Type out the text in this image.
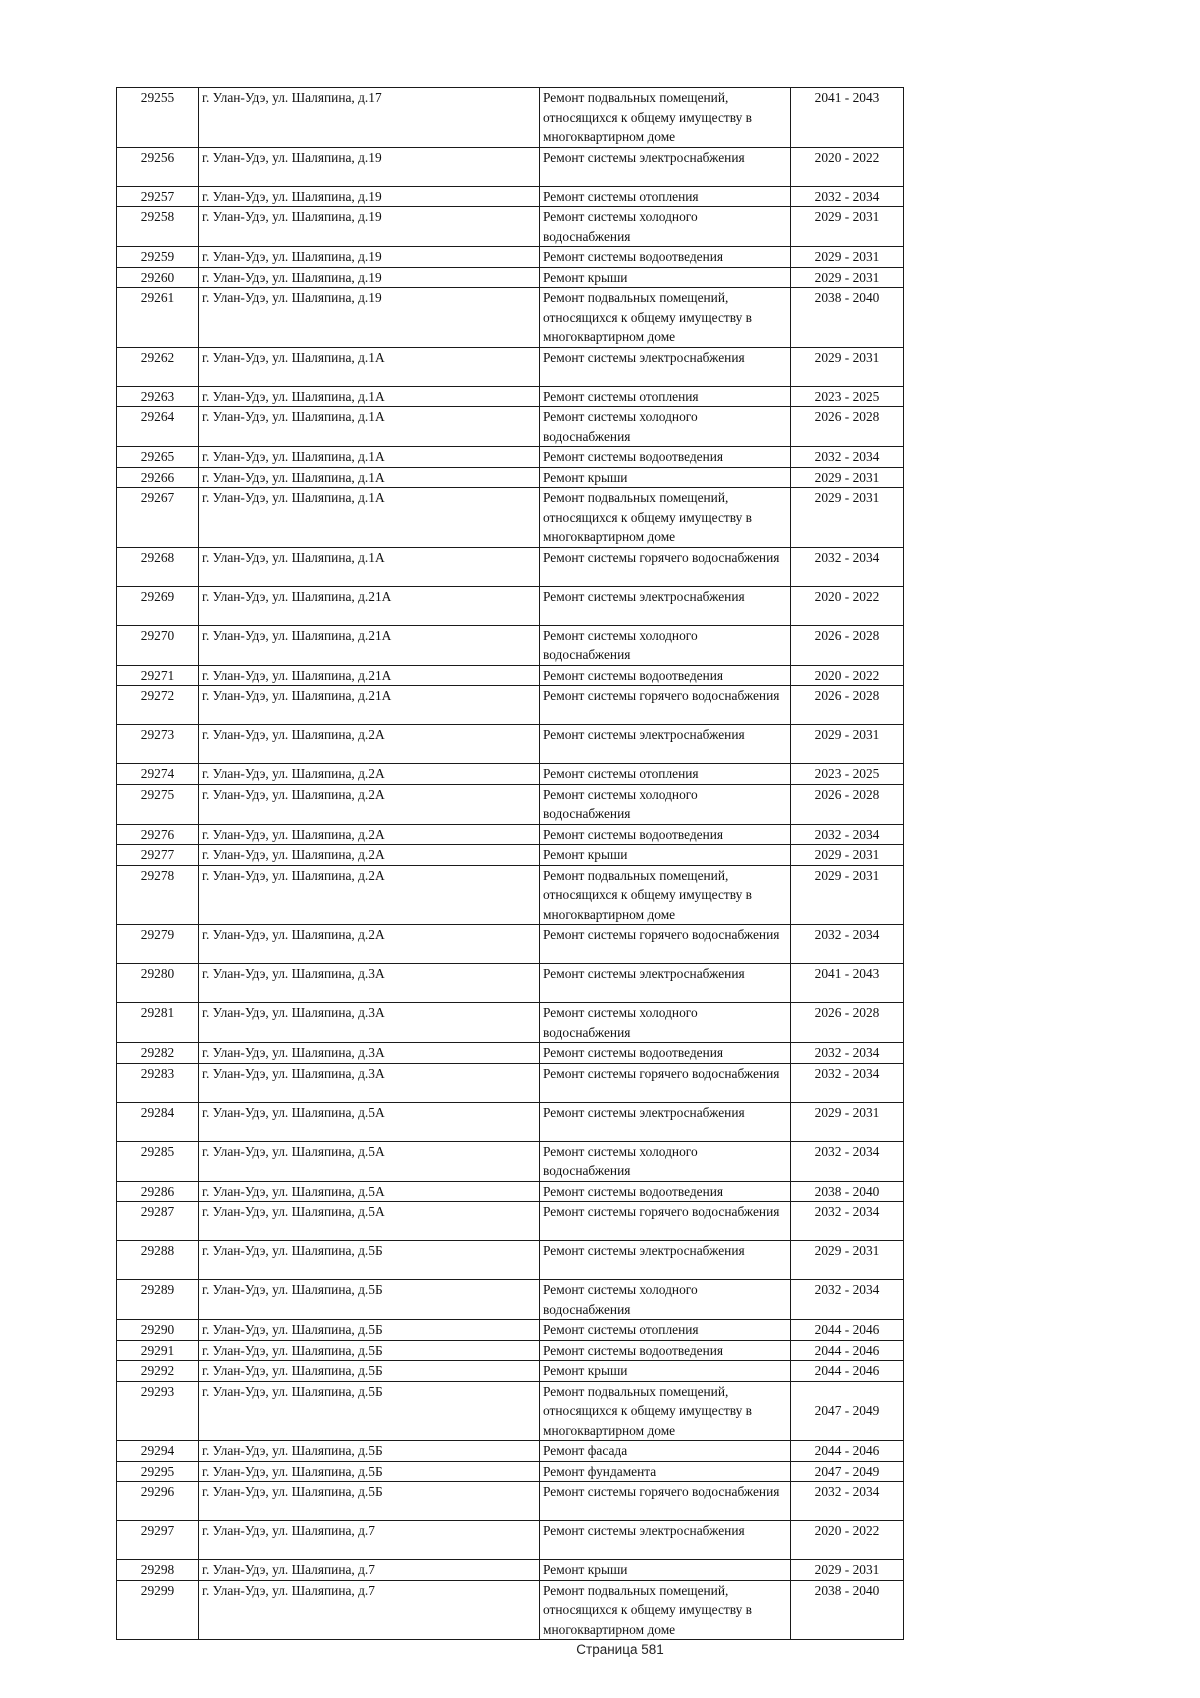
29255	г. Улан-Удэ, ул. Шаляпина, д.17	Ремонт подвальных помещений, относящихся к общему имуществу в многоквартирном доме	2041 - 2043
29256	г. Улан-Удэ, ул. Шаляпина, д.19	Ремонт системы электроснабжения	2020 - 2022
29257	г. Улан-Удэ, ул. Шаляпина, д.19	Ремонт системы отопления	2032 - 2034
29258	г. Улан-Удэ, ул. Шаляпина, д.19	Ремонт системы холодного водоснабжения	2029 - 2031
29259	г. Улан-Удэ, ул. Шаляпина, д.19	Ремонт системы водоотведения	2029 - 2031
29260	г. Улан-Удэ, ул. Шаляпина, д.19	Ремонт крыши	2029 - 2031
29261	г. Улан-Удэ, ул. Шаляпина, д.19	Ремонт подвальных помещений, относящихся к общему имуществу в многоквартирном доме	2038 - 2040
29262	г. Улан-Удэ, ул. Шаляпина, д.1А	Ремонт системы электроснабжения	2029 - 2031
29263	г. Улан-Удэ, ул. Шаляпина, д.1А	Ремонт системы отопления	2023 - 2025
29264	г. Улан-Удэ, ул. Шаляпина, д.1А	Ремонт системы холодного водоснабжения	2026 - 2028
29265	г. Улан-Удэ, ул. Шаляпина, д.1А	Ремонт системы водоотведения	2032 - 2034
29266	г. Улан-Удэ, ул. Шаляпина, д.1А	Ремонт крыши	2029 - 2031
29267	г. Улан-Удэ, ул. Шаляпина, д.1А	Ремонт подвальных помещений, относящихся к общему имуществу в многоквартирном доме	2029 - 2031
29268	г. Улан-Удэ, ул. Шаляпина, д.1А	Ремонт системы горячего водоснабжения	2032 - 2034
29269	г. Улан-Удэ, ул. Шаляпина, д.21А	Ремонт системы электроснабжения	2020 - 2022
29270	г. Улан-Удэ, ул. Шаляпина, д.21А	Ремонт системы холодного водоснабжения	2026 - 2028
29271	г. Улан-Удэ, ул. Шаляпина, д.21А	Ремонт системы водоотведения	2020 - 2022
29272	г. Улан-Удэ, ул. Шаляпина, д.21А	Ремонт системы горячего водоснабжения	2026 - 2028
29273	г. Улан-Удэ, ул. Шаляпина, д.2А	Ремонт системы электроснабжения	2029 - 2031
29274	г. Улан-Удэ, ул. Шаляпина, д.2А	Ремонт системы отопления	2023 - 2025
29275	г. Улан-Удэ, ул. Шаляпина, д.2А	Ремонт системы холодного водоснабжения	2026 - 2028
29276	г. Улан-Удэ, ул. Шаляпина, д.2А	Ремонт системы водоотведения	2032 - 2034
29277	г. Улан-Удэ, ул. Шаляпина, д.2А	Ремонт крыши	2029 - 2031
29278	г. Улан-Удэ, ул. Шаляпина, д.2А	Ремонт подвальных помещений, относящихся к общему имуществу в многоквартирном доме	2029 - 2031
29279	г. Улан-Удэ, ул. Шаляпина, д.2А	Ремонт системы горячего водоснабжения	2032 - 2034
29280	г. Улан-Удэ, ул. Шаляпина, д.3А	Ремонт системы электроснабжения	2041 - 2043
29281	г. Улан-Удэ, ул. Шаляпина, д.3А	Ремонт системы холодного водоснабжения	2026 - 2028
29282	г. Улан-Удэ, ул. Шаляпина, д.3А	Ремонт системы водоотведения	2032 - 2034
29283	г. Улан-Удэ, ул. Шаляпина, д.3А	Ремонт системы горячего водоснабжения	2032 - 2034
29284	г. Улан-Удэ, ул. Шаляпина, д.5А	Ремонт системы электроснабжения	2029 - 2031
29285	г. Улан-Удэ, ул. Шаляпина, д.5А	Ремонт системы холодного водоснабжения	2032 - 2034
29286	г. Улан-Удэ, ул. Шаляпина, д.5А	Ремонт системы водоотведения	2038 - 2040
29287	г. Улан-Удэ, ул. Шаляпина, д.5А	Ремонт системы горячего водоснабжения	2032 - 2034
29288	г. Улан-Удэ, ул. Шаляпина, д.5Б	Ремонт системы электроснабжения	2029 - 2031
29289	г. Улан-Удэ, ул. Шаляпина, д.5Б	Ремонт системы холодного водоснабжения	2032 - 2034
29290	г. Улан-Удэ, ул. Шаляпина, д.5Б	Ремонт системы отопления	2044 - 2046
29291	г. Улан-Удэ, ул. Шаляпина, д.5Б	Ремонт системы водоотведения	2044 - 2046
29292	г. Улан-Удэ, ул. Шаляпина, д.5Б	Ремонт крыши	2044 - 2046
29293	г. Улан-Удэ, ул. Шаляпина, д.5Б	Ремонт подвальных помещений, относящихся к общему имуществу в многоквартирном доме	2047 - 2049
29294	г. Улан-Удэ, ул. Шаляпина, д.5Б	Ремонт фасада	2044 - 2046
29295	г. Улан-Удэ, ул. Шаляпина, д.5Б	Ремонт фундамента	2047 - 2049
29296	г. Улан-Удэ, ул. Шаляпина, д.5Б	Ремонт системы горячего водоснабжения	2032 - 2034
29297	г. Улан-Удэ, ул. Шаляпина, д.7	Ремонт системы электроснабжения	2020 - 2022
29298	г. Улан-Удэ, ул. Шаляпина, д.7	Ремонт крыши	2029 - 2031
29299	г. Улан-Удэ, ул. Шаляпина, д.7	Ремонт подвальных помещений, относящихся к общему имуществу в многоквартирном доме	2038 - 2040
Страница 581
